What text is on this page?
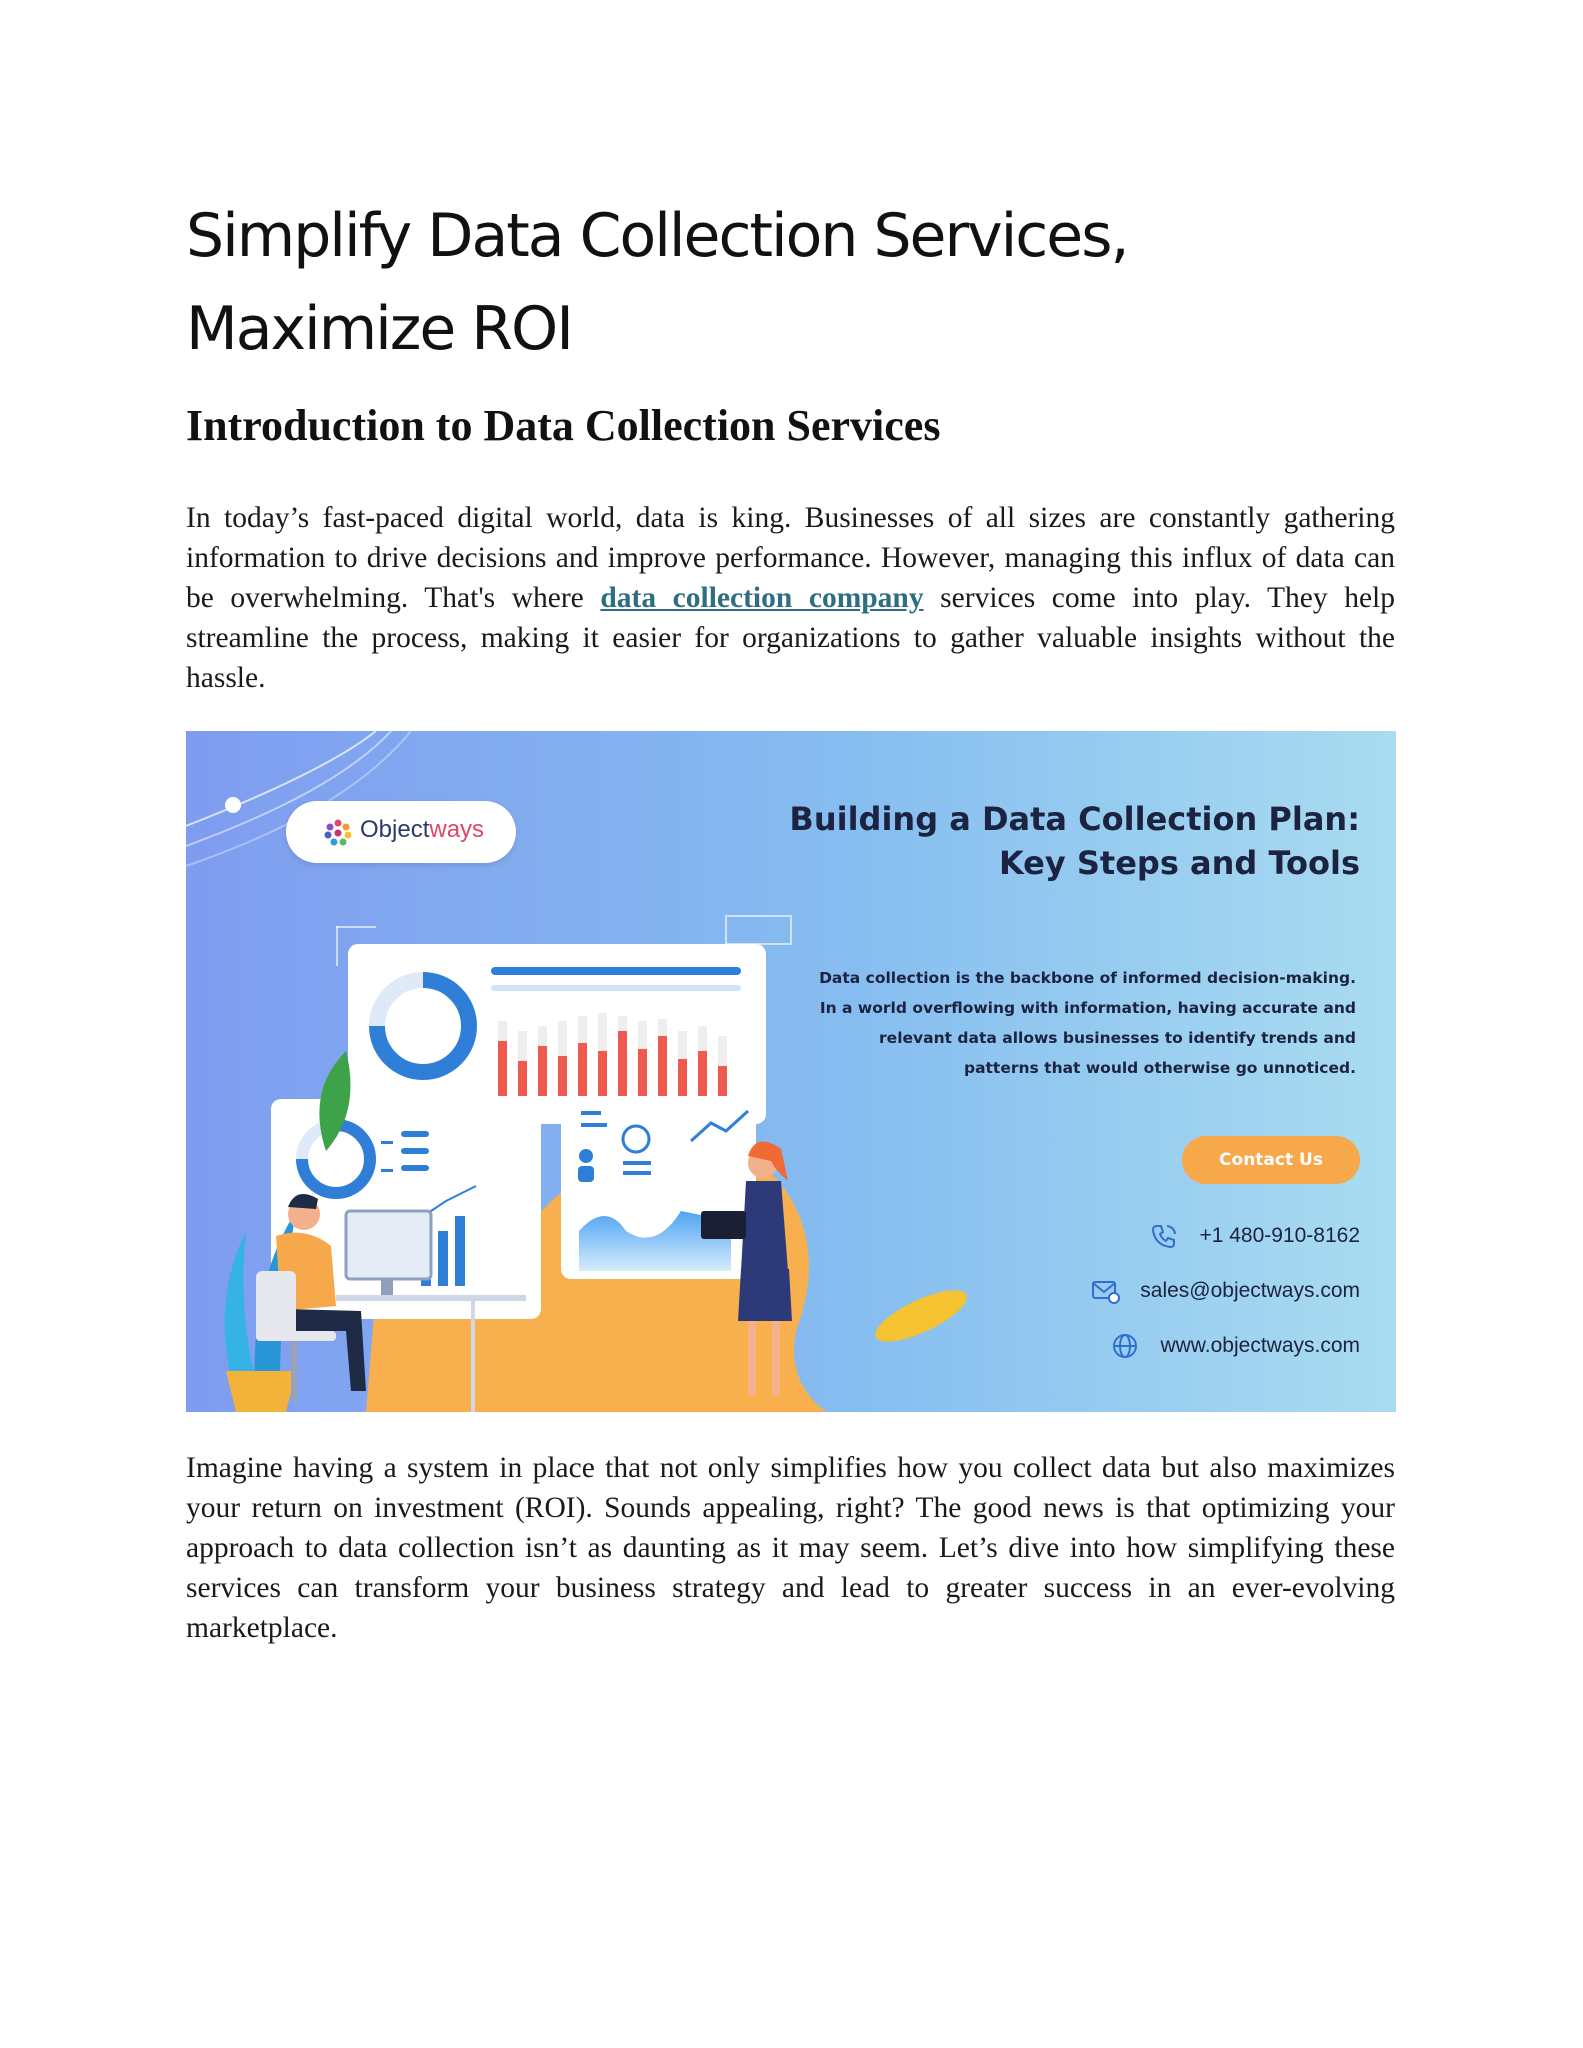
Simplify Data Collection Services,
Maximize ROI
Introduction to Data Collection Services

In today’s fast-paced digital world, data is king. Businesses of all sizes are constantly gathering information to drive decisions and improve performance. However, managing this influx of data can be overwhelming. That's where data collection company services come into play. They help streamline the process, making it easier for organizations to gather valuable insights without the hassle.

Objectways	Building a Data Collection Plan:
Key Steps and Tools

Data collection is the backbone of informed decision-making.
In a world overflowing with information, having accurate and
relevant data allows businesses to identify trends and
patterns that would otherwise go unnoticed.

Contact Us
+1 480-910-8162
sales@objectways.com
www.objectways.com

Imagine having a system in place that not only simplifies how you collect data but also maximizes your return on investment (ROI). Sounds appealing, right? The good news is that optimizing your approach to data collection isn’t as daunting as it may seem. Let’s dive into how simplifying these services can transform your business strategy and lead to greater success in an ever-evolving marketplace.
